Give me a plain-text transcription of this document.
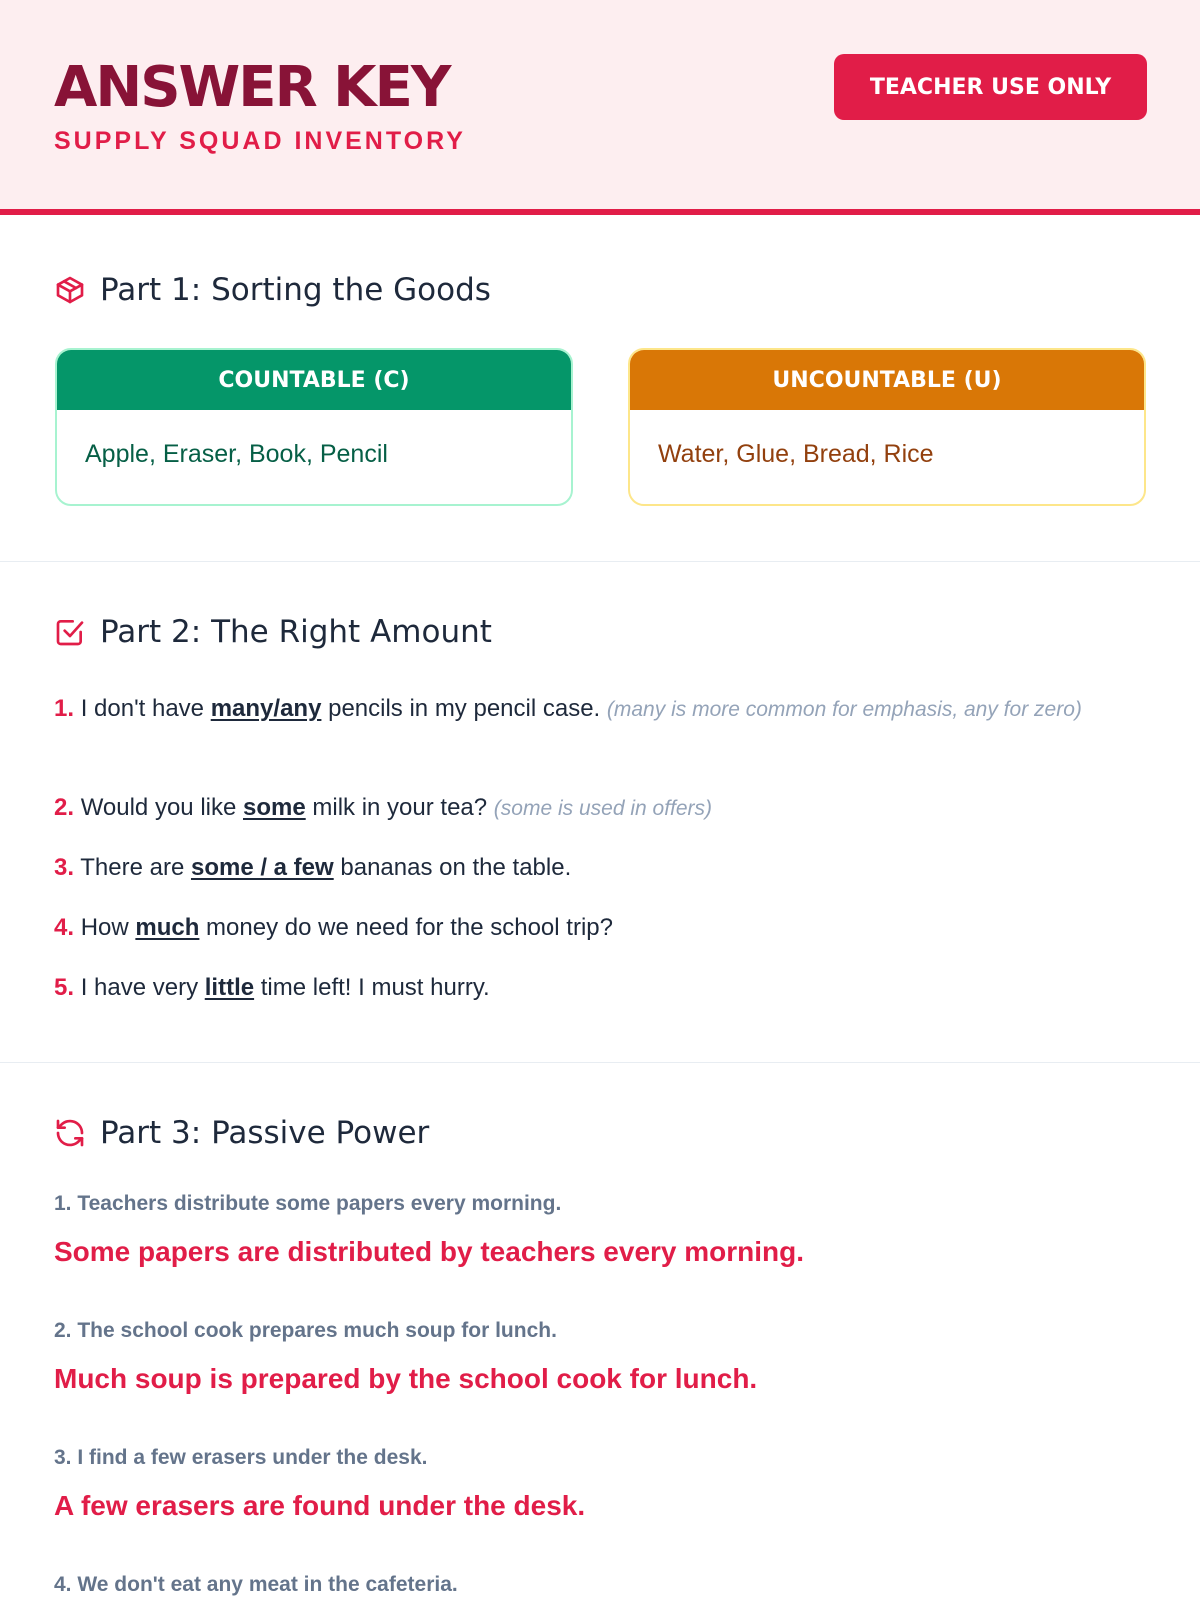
ANSWER KEY
SUPPLY SQUAD INVENTORY
TEACHER USE ONLY
Part 1: Sorting the Goods
COUNTABLE (C)
Apple, Eraser, Book, Pencil
UNCOUNTABLE (U)
Water, Glue, Bread, Rice
Part 2: The Right Amount
1. I don't have many/any pencils in my pencil case. (many is more common for emphasis, any for zero)
2. Would you like some milk in your tea? (some is used in offers)
3. There are some / a few bananas on the table.
4. How much money do we need for the school trip?
5. I have very little time left! I must hurry.
Part 3: Passive Power
1. Teachers distribute some papers every morning.
Some papers are distributed by teachers every morning.
2. The school cook prepares much soup for lunch.
Much soup is prepared by the school cook for lunch.
3. I find a few erasers under the desk.
A few erasers are found under the desk.
4. We don't eat any meat in the cafeteria.
